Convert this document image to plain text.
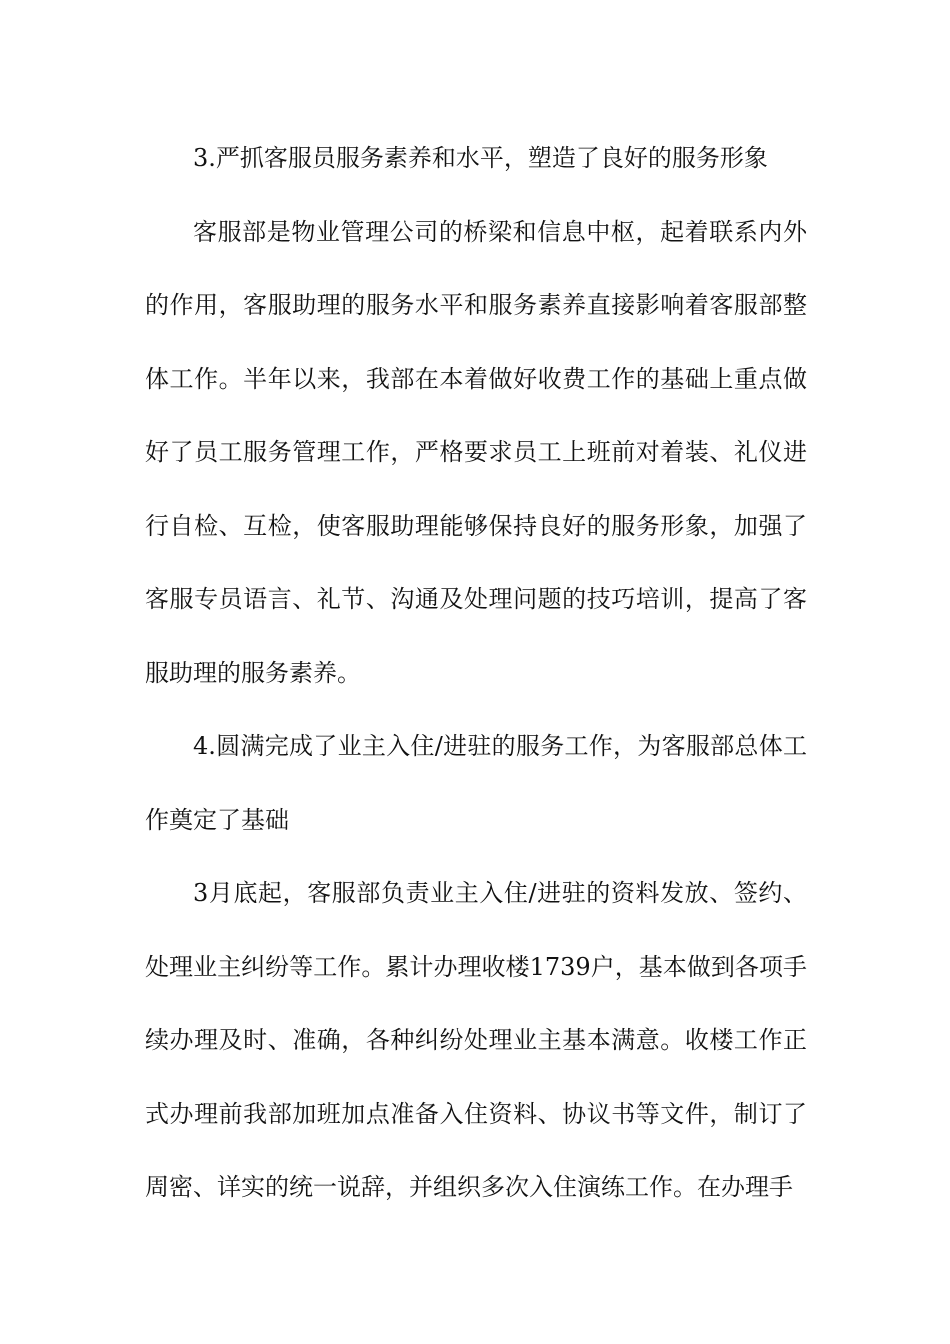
3.严抓客服员服务素养和水平，塑造了良好的服务形象

客服部是物业管理公司的桥梁和信息中枢，起着联系内外的作用，客服助理的服务水平和服务素养直接影响着客服部整体工作。半年以来，我部在本着做好收费工作的基础上重点做好了员工服务管理工作，严格要求员工上班前对着装、礼仪进行自检、互检，使客服助理能够保持良好的服务形象，加强了客服专员语言、礼节、沟通及处理问题的技巧培训，提高了客服助理的服务素养。

4.圆满完成了业主入住/进驻的服务工作，为客服部总体工作奠定了基础

3月底起，客服部负责业主入住/进驻的资料发放、签约、处理业主纠纷等工作。累计办理收楼1739户，基本做到各项手续办理及时、准确，各种纠纷处理业主基本满意。收楼工作正式办理前我部加班加点准备入住资料、协议书等文件，制订了周密、详实的统一说辞，并组织多次入住演练工作。在办理手
